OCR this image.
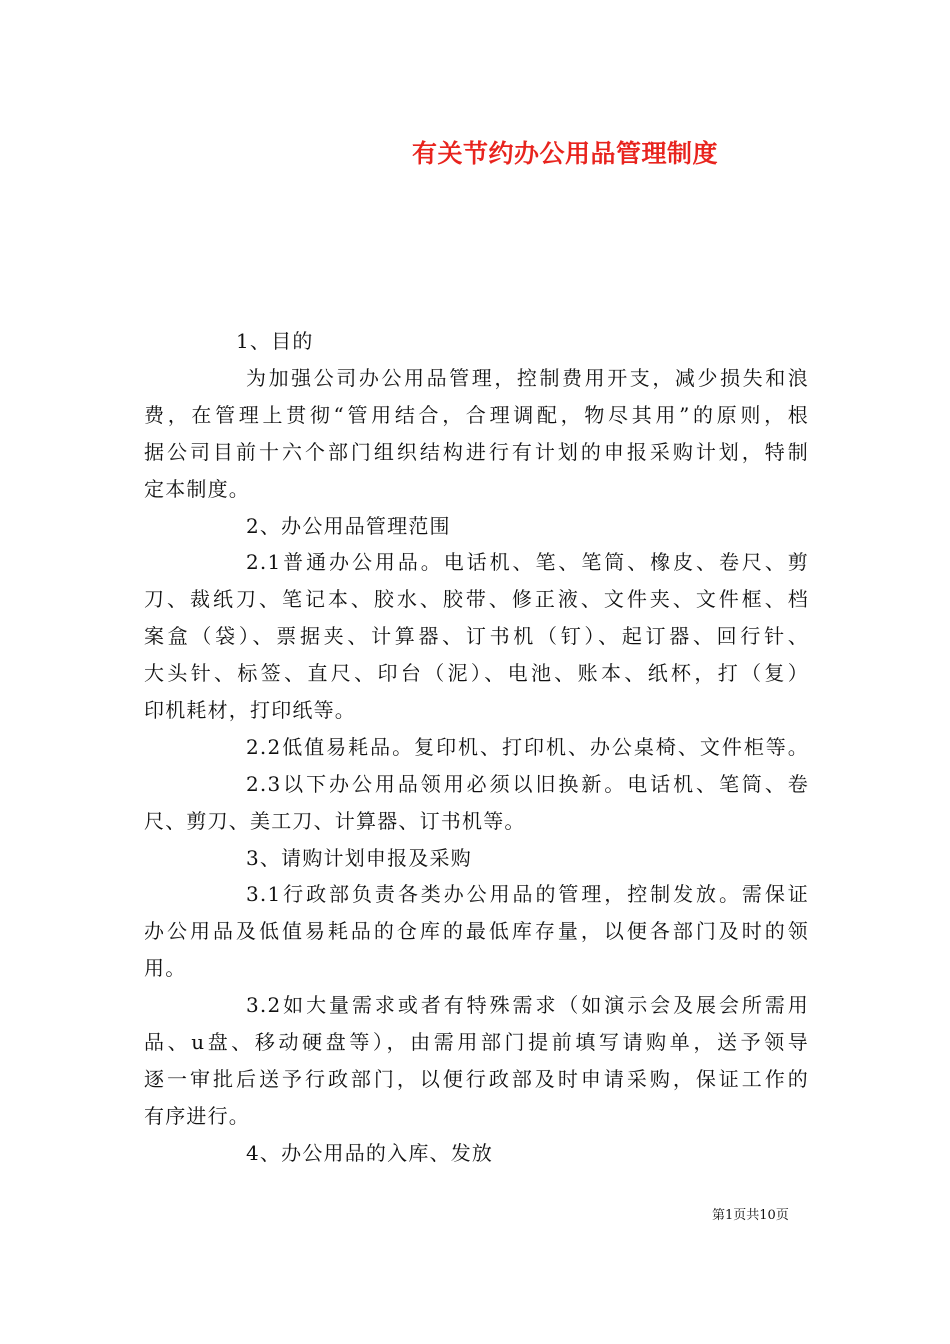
有关节约办公用品管理制度
1、目的
为加强公司办公用品管理，控制费用开支，减少损失和浪
费，在管理上贯彻“管用结合，合理调配，物尽其用”的原则，根
据公司目前十六个部门组织结构进行有计划的申报采购计划，特制
定本制度。
2、办公用品管理范围
2.1普通办公用品。电话机、笔、笔筒、橡皮、卷尺、剪
刀、裁纸刀、笔记本、胶水、胶带、修正液、文件夹、文件框、档
案盒（袋）、票据夹、计算器、订书机（钉）、起订器、回行针、
大头针、标签、直尺、印台（泥）、电池、账本、纸杯，打（复）
印机耗材，打印纸等。
2.2低值易耗品。复印机、打印机、办公桌椅、文件柜等。
2.3以下办公用品领用必须以旧换新。电话机、笔筒、卷
尺、剪刀、美工刀、计算器、订书机等。
3、请购计划申报及采购
3.1行政部负责各类办公用品的管理，控制发放。需保证
办公用品及低值易耗品的仓库的最低库存量，以便各部门及时的领
用。
3.2如大量需求或者有特殊需求（如演示会及展会所需用
品、u盘、移动硬盘等），由需用部门提前填写请购单，送予领导
逐一审批后送予行政部门，以便行政部及时申请采购，保证工作的
有序进行。
4、办公用品的入库、发放
第1页共10页
